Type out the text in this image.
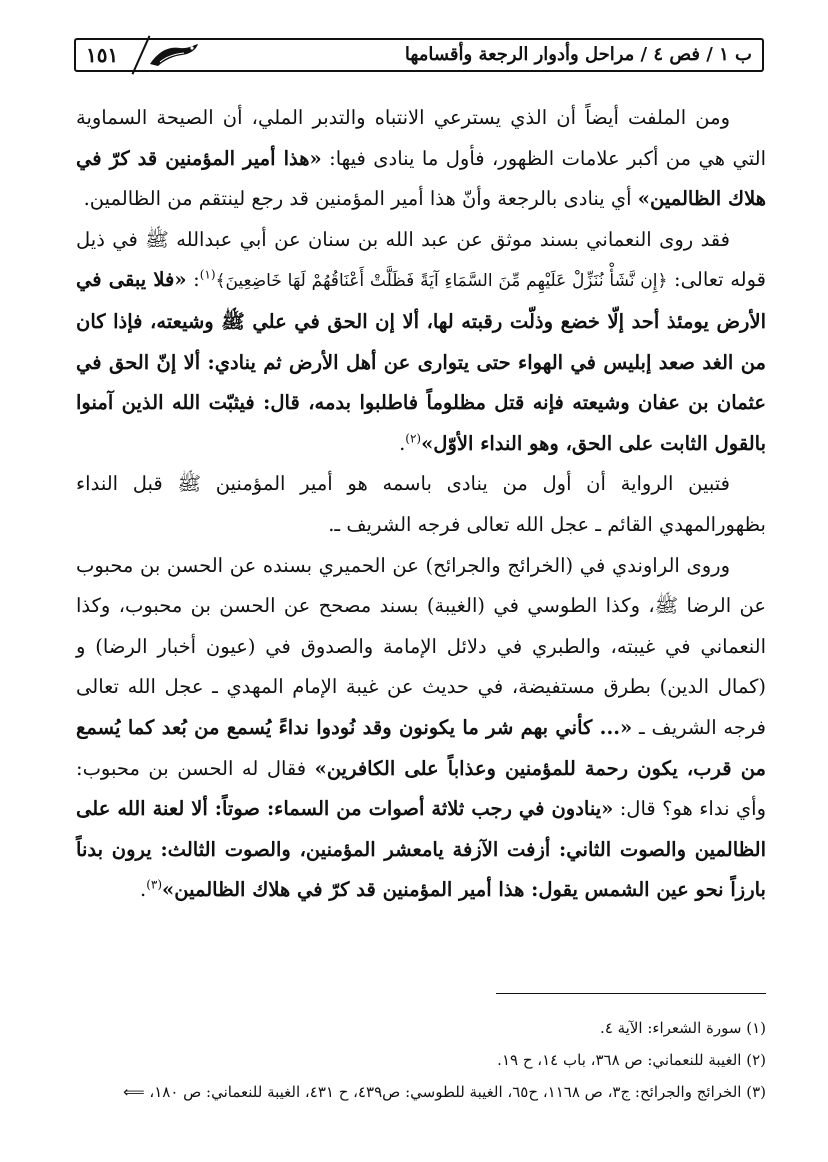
ب ١ / فص ٤ / مراحل وأدوار الرجعة وأقسامها
١٥١

ومن الملفت أيضاً أن الذي يسترعي الانتباه والتدبر الملي، أن الصيحة السماوية التي هي من أكبر علامات الظهور، فأول ما ينادى فيها: «هذا أمير المؤمنين قد كرّ في هلاك الظالمين» أي ينادى بالرجعة وأنّ هذا أمير المؤمنين قد رجع لينتقم من الظالمين.

فقد روى النعماني بسند موثق عن عبد الله بن سنان عن أبي عبدالله ﷺ في ذيل قوله تعالى: ﴿إِن نَّشَأْ نُنَزِّلْ عَلَيْهِم مِّنَ السَّمَاءِ آيَةً فَظَلَّتْ أَعْنَاقُهُمْ لَهَا خَاضِعِينَ﴾$^{(١)}$: «فلا يبقى في الأرض يومئذ أحد إلّا خضع وذلّت رقبته لها، ألا إن الحق في علي ﷺ وشيعته، فإذا كان من الغد صعد إبليس في الهواء حتى يتوارى عن أهل الأرض ثم ينادي: ألا إنّ الحق في عثمان بن عفان وشيعته فإنه قتل مظلوماً فاطلبوا بدمه، قال: فيثبّت الله الذين آمنوا بالقول الثابت على الحق، وهو النداء الأوّل»$^{(٢)}$.

فتبين الرواية أن أول من ينادى باسمه هو أمير المؤمنين ﷺ قبل النداء بظهورالمهدي القائم ـ عجل الله تعالى فرجه الشريف ـ.

وروى الراوندي في (الخرائج والجرائح) عن الحميري بسنده عن الحسن بن محبوب عن الرضا ﷺ، وكذا الطوسي في (الغيبة) بسند مصحح عن الحسن بن محبوب، وكذا النعماني في غيبته، والطبري في دلائل الإمامة والصدوق في (عيون أخبار الرضا) و (كمال الدين) بطرق مستفيضة، في حديث عن غيبة الإمام المهدي ـ عجل الله تعالى فرجه الشريف ـ «... كأني بهم شر ما يكونون وقد نُودوا نداءً يُسمع من بُعد كما يُسمع من قرب، يكون رحمة للمؤمنين وعذاباً على الكافرين» فقال له الحسن بن محبوب: وأي نداء هو؟ قال: «ينادون في رجب ثلاثة أصوات من السماء: صوتاً: ألا لعنة الله على الظالمين والصوت الثاني: أزفت الآزفة يامعشر المؤمنين، والصوت الثالث: يرون بدناً بارزاً نحو عين الشمس يقول: هذا أمير المؤمنين قد كرّ في هلاك الظالمين»$^{(٣)}$.

(١) سورة الشعراء: الآية ٤.
(٢) الغيبة للنعماني: ص ٣٦٨، باب ١٤، ح ١٩.
(٣) الخرائج والجرائح: ج٣، ص ١١٦٨، ح٦٥، الغيبة للطوسي: ص٤٣٩، ح ٤٣١، الغيبة للنعماني: ص ١٨٠، ⟸
